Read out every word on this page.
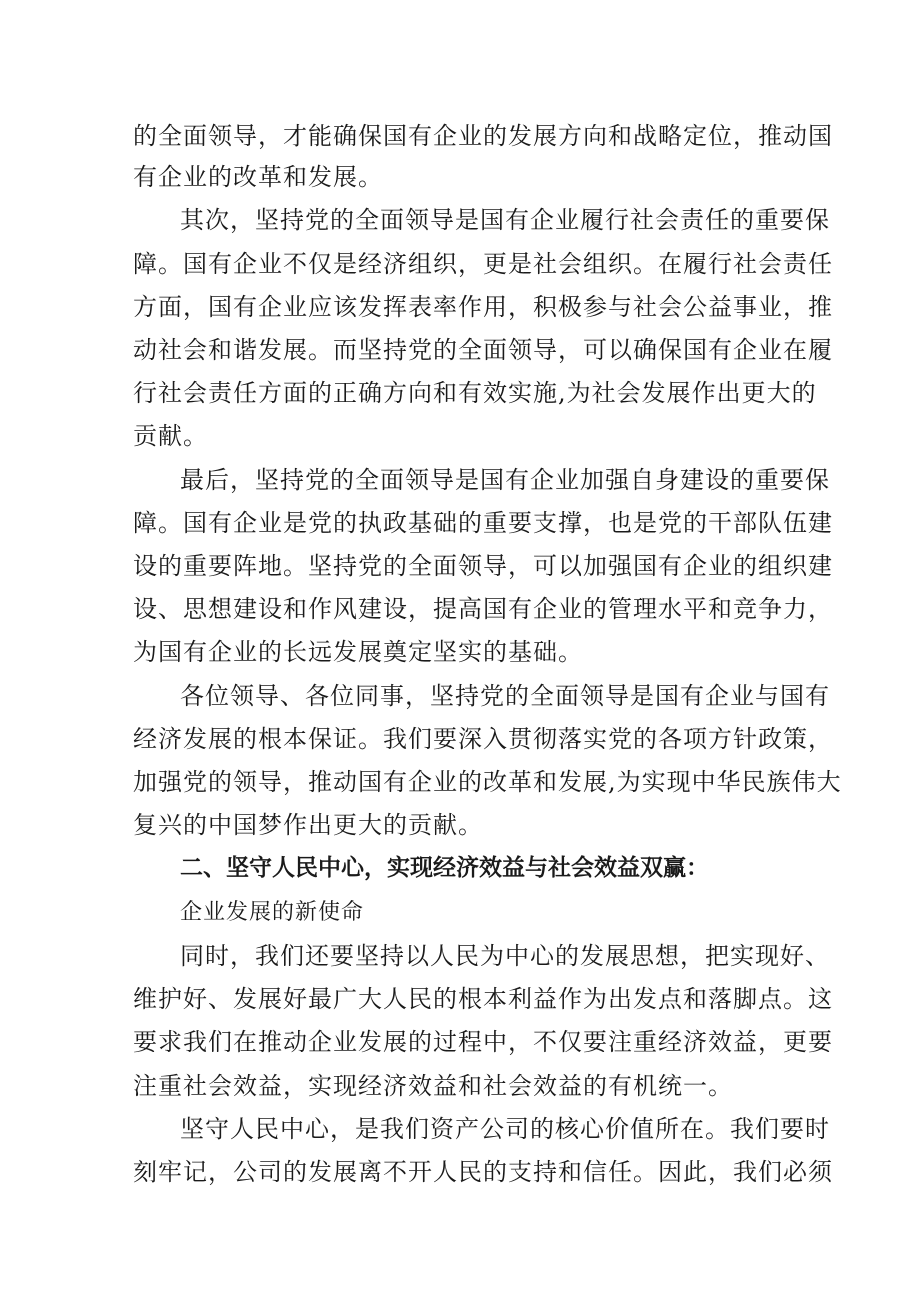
的全面领导，才能确保国有企业的发展方向和战略定位，推动国
有企业的改革和发展。
其次，坚持党的全面领导是国有企业履行社会责任的重要保
障。国有企业不仅是经济组织，更是社会组织。在履行社会责任
方面，国有企业应该发挥表率作用，积极参与社会公益事业，推
动社会和谐发展。而坚持党的全面领导，可以确保国有企业在履
行社会责任方面的正确方向和有效实施,为社会发展作出更大的
贡献。
最后，坚持党的全面领导是国有企业加强自身建设的重要保
障。国有企业是党的执政基础的重要支撑，也是党的干部队伍建
设的重要阵地。坚持党的全面领导，可以加强国有企业的组织建
设、思想建设和作风建设，提高国有企业的管理水平和竞争力，
为国有企业的长远发展奠定坚实的基础。
各位领导、各位同事，坚持党的全面领导是国有企业与国有
经济发展的根本保证。我们要深入贯彻落实党的各项方针政策，
加强党的领导，推动国有企业的改革和发展,为实现中华民族伟大
复兴的中国梦作出更大的贡献。
二、坚守人民中心，实现经济效益与社会效益双赢：
企业发展的新使命
同时，我们还要坚持以人民为中心的发展思想，把实现好、
维护好、发展好最广大人民的根本利益作为出发点和落脚点。这
要求我们在推动企业发展的过程中，不仅要注重经济效益，更要
注重社会效益，实现经济效益和社会效益的有机统一。
坚守人民中心，是我们资产公司的核心价值所在。我们要时
刻牢记，公司的发展离不开人民的支持和信任。因此，我们必须
